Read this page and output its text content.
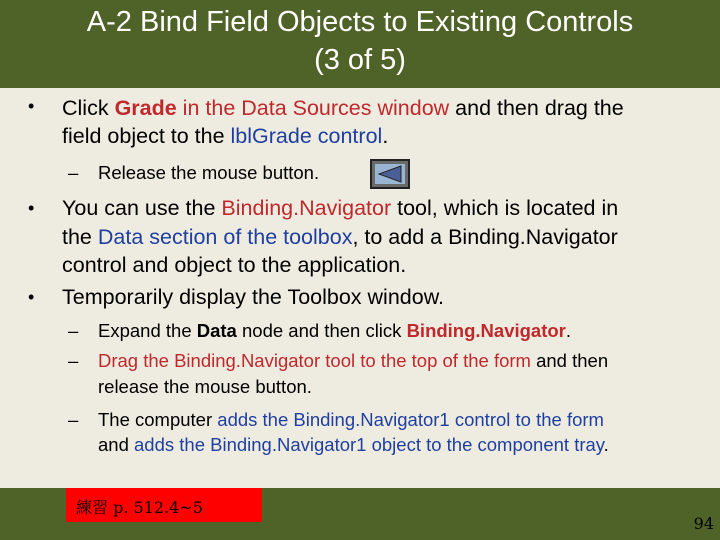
A-2 Bind Field Objects to Existing Controls
(3 of 5)
• Click Grade in the Data Sources window and then drag the
field object to the lblGrade control.
– Release the mouse button.
• You can use the Binding.Navigator tool, which is located in
the Data section of the toolbox, to add a Binding.Navigator
control and object to the application.
• Temporarily display the Toolbox window.
– Expand the Data node and then click Binding.Navigator.
– Drag the Binding.Navigator tool to the top of the form and then
release the mouse button.
– The computer adds the Binding.Navigator1 control to the form
and adds the Binding.Navigator1 object to the component tray.
練習 p. 512.4~5
94
